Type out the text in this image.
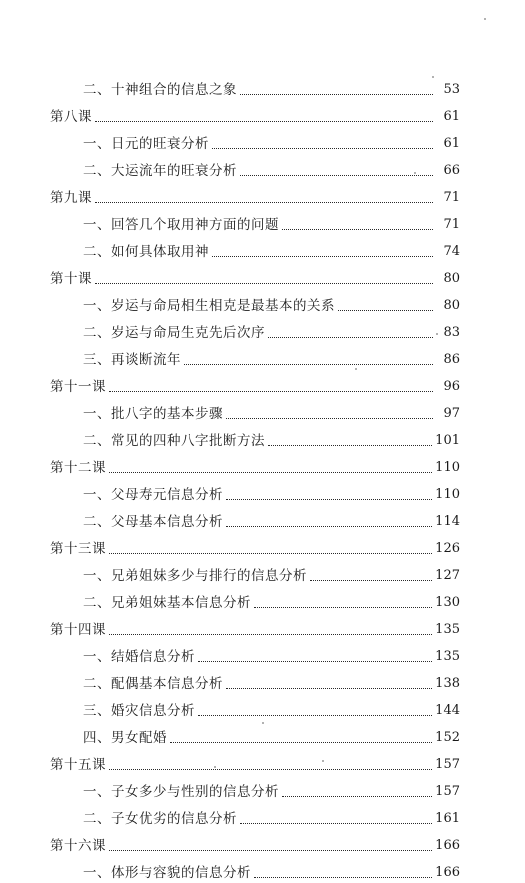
二、十神组合的信息之象	53
第八课	61
一、日元的旺衰分析	61
二、大运流年的旺衰分析	66
第九课	71
一、回答几个取用神方面的问题	71
二、如何具体取用神	74
第十课	80
一、岁运与命局相生相克是最基本的关系	80
二、岁运与命局生克先后次序	83
三、再谈断流年	86
第十一课	96
一、批八字的基本步骤	97
二、常见的四种八字批断方法	101
第十二课	110
一、父母寿元信息分析	110
二、父母基本信息分析	114
第十三课	126
一、兄弟姐妹多少与排行的信息分析	127
二、兄弟姐妹基本信息分析	130
第十四课	135
一、结婚信息分析	135
二、配偶基本信息分析	138
三、婚灾信息分析	144
四、男女配婚	152
第十五课	157
一、子女多少与性别的信息分析	157
二、子女优劣的信息分析	161
第十六课	166
一、体形与容貌的信息分析	166
